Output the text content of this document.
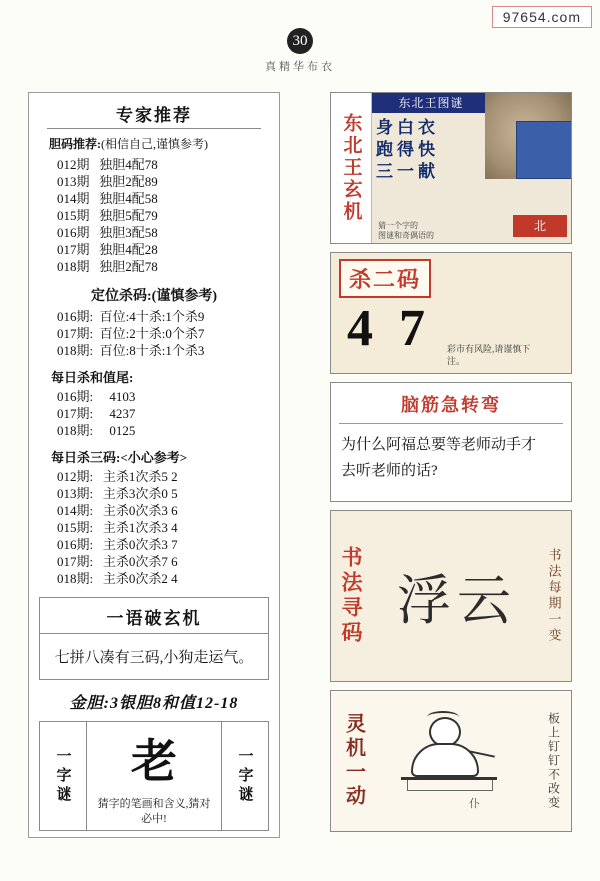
97654.com
30
真精华布衣
专家推荐
胆码推荐:(相信自己,谨慎参考)
012期   独胆4配78
013期   独胆2配89
014期   独胆4配58
015期   独胆5配79
016期   独胆3配58
017期   独胆4配28
018期   独胆2配78
定位杀码:(谨慎参考)
016期:  百位:4十杀:1个杀9
017期:  百位:2十杀:0个杀7
018期:  百位:8十杀:1个杀3
每日杀和值尾:
016期:     4103
017期:     4237
018期:     0125
每日杀三码:<小心参考>
012期:   主杀1次杀5 2
013期:   主杀3次杀0 5
014期:   主杀0次杀3 6
015期:   主杀1次杀3 4
016期:   主杀0次杀3 7
017期:   主杀0次杀7 6
018期:   主杀0次杀2 4
一语破玄机
七拼八凑有三码,小狗走运气。
金胆:3银胆8和值12-18
一字谜 老
猜字的笔画和含义,猜对
必中!
一字谜
东北王玄机
东北王图谜
身白衣
跑得快
三一献
北
猜一个字的
图谜和奇偶语的
杀二码
47
彩市有风险,请谨慎下
注。
脑筋急转弯
为什么阿福总要等老师动手才
去听老师的话?
书法寻码 浮 云	书法每期一变
灵机一动	仆	板上钉钉不改变
